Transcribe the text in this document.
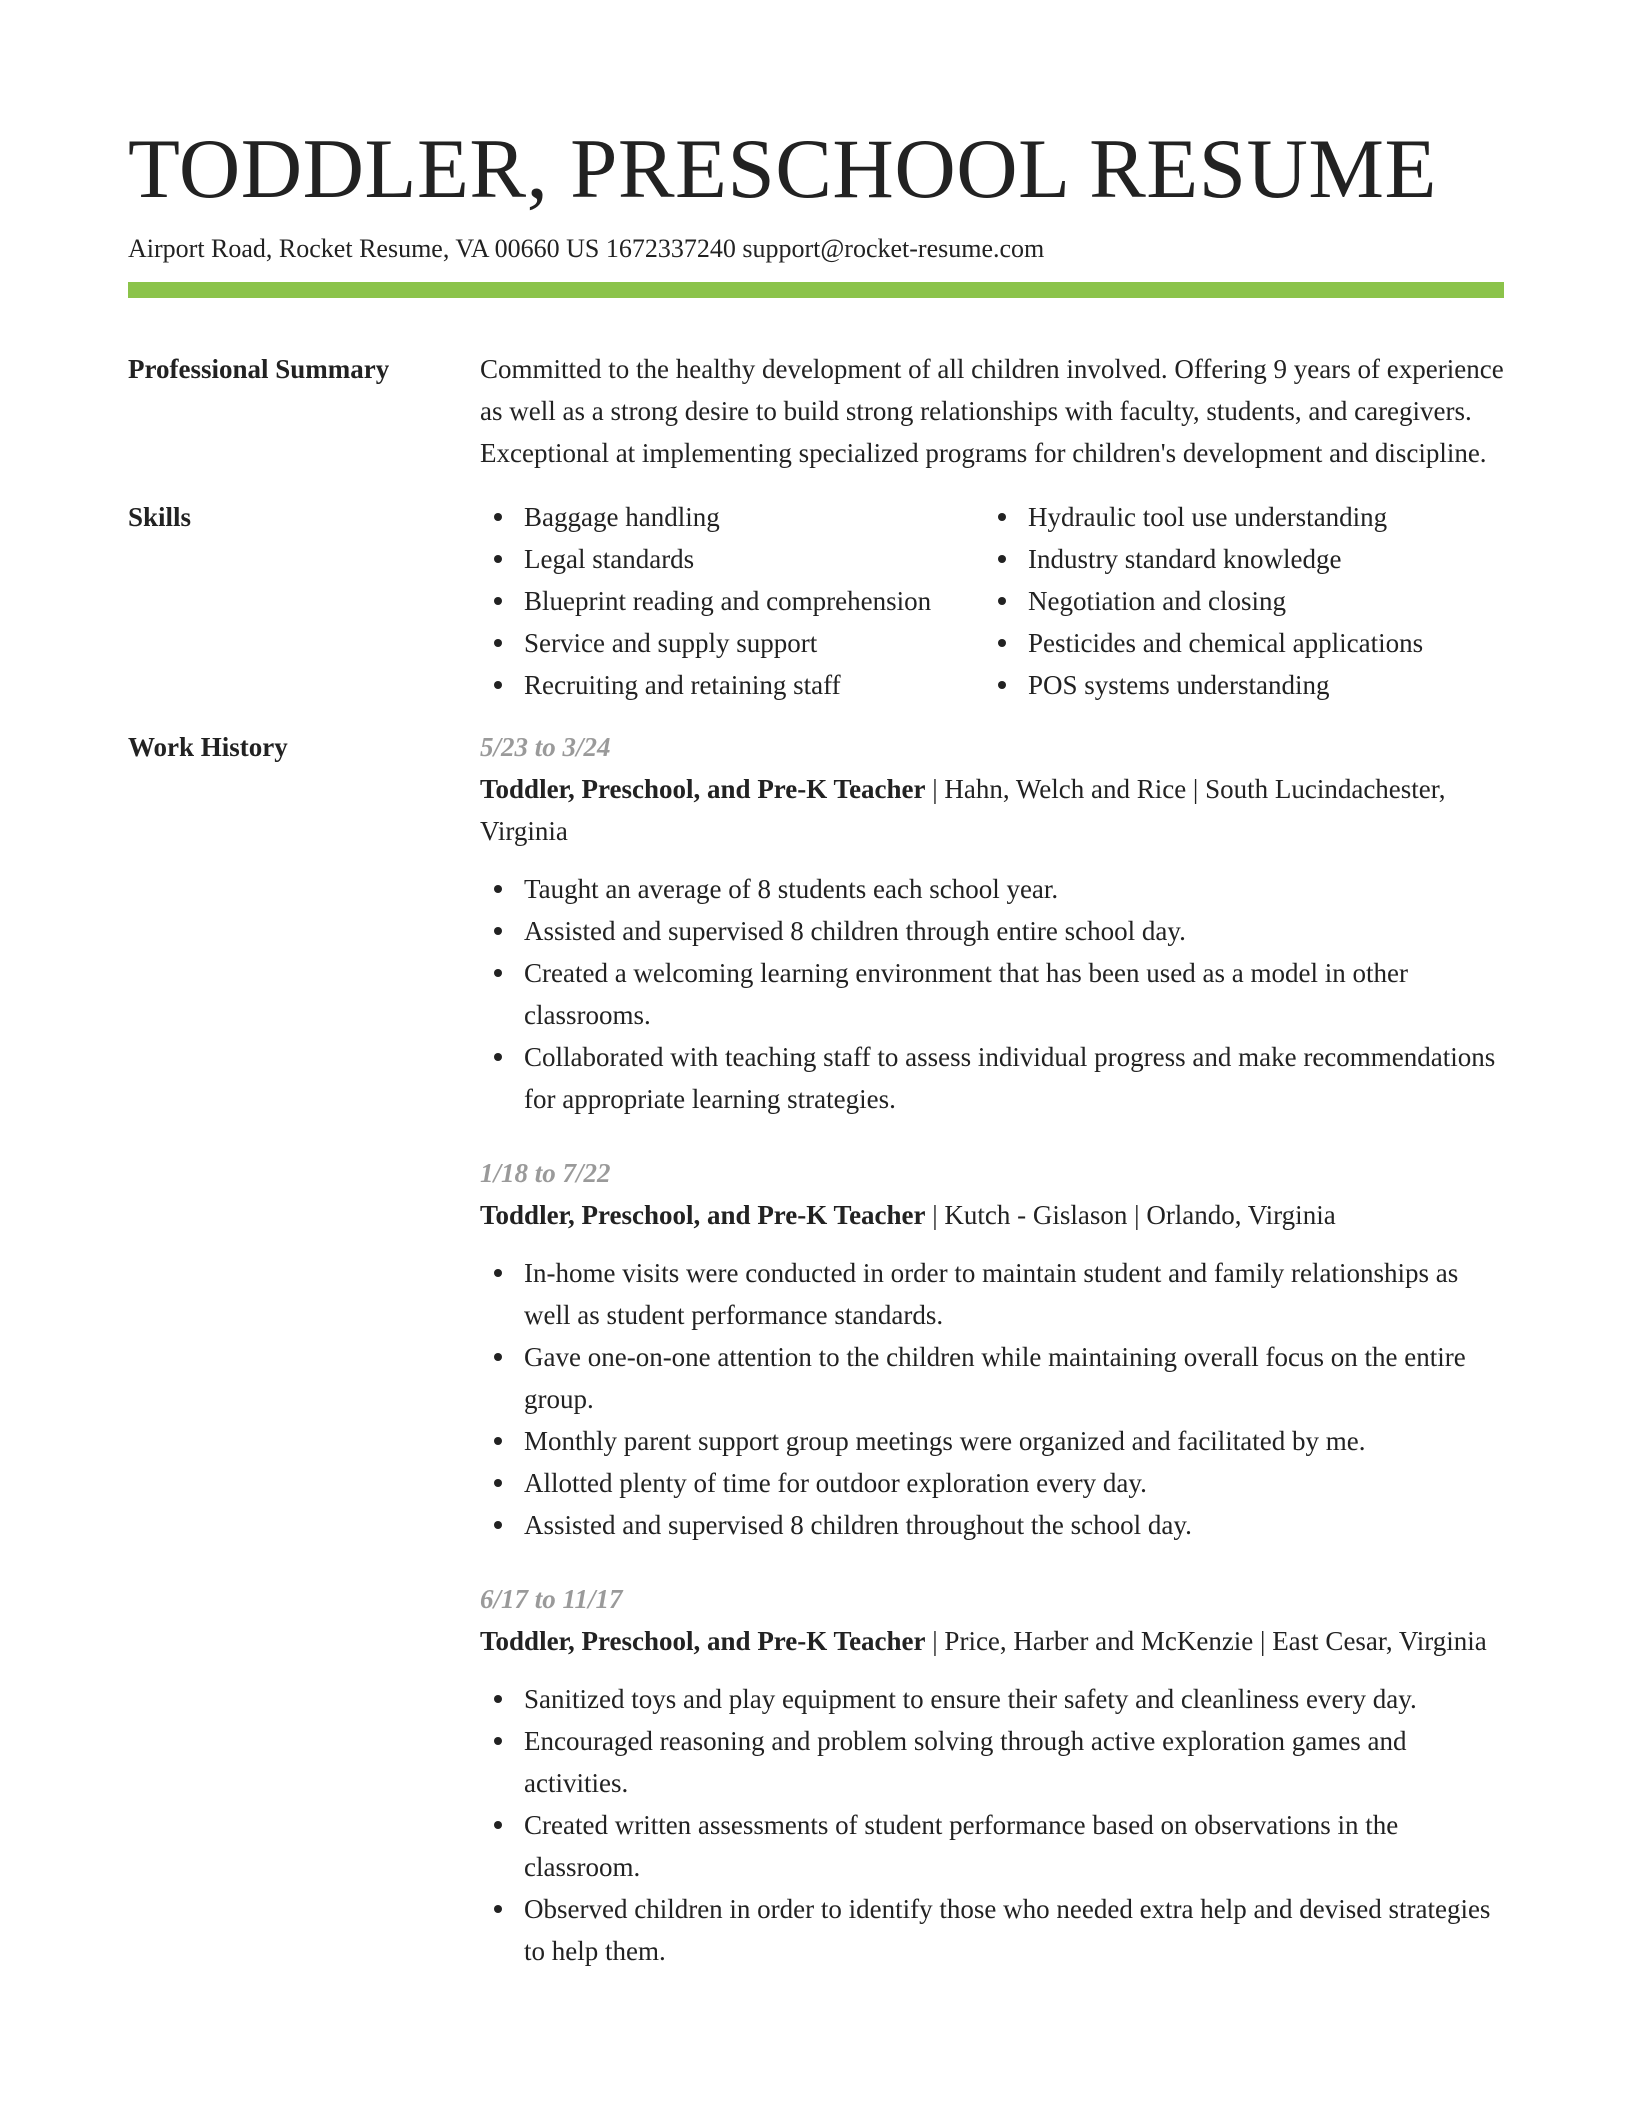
TODDLER, PRESCHOOL RESUME
Airport Road, Rocket Resume, VA 00660 US 1672337240 support@rocket-resume.com
Professional Summary	Committed to the healthy development of all children involved. Offering 9 years of experience as well as a strong desire to build strong relationships with faculty, students, and caregivers. Exceptional at implementing specialized programs for children's development and discipline.
Skills	Baggage handling
Legal standards
Blueprint reading and comprehension
Service and supply support
Recruiting and retaining staff
Hydraulic tool use understanding
Industry standard knowledge
Negotiation and closing
Pesticides and chemical applications
POS systems understanding
Work History	5/23 to 3/24
Toddler, Preschool, and Pre-K Teacher | Hahn, Welch and Rice | South Lucindachester, Virginia
Taught an average of 8 students each school year.
Assisted and supervised 8 children through entire school day.
Created a welcoming learning environment that has been used as a model in other classrooms.
Collaborated with teaching staff to assess individual progress and make recommendations for appropriate learning strategies.
1/18 to 7/22
Toddler, Preschool, and Pre-K Teacher | Kutch - Gislason | Orlando, Virginia
In-home visits were conducted in order to maintain student and family relationships as well as student performance standards.
Gave one-on-one attention to the children while maintaining overall focus on the entire group.
Monthly parent support group meetings were organized and facilitated by me.
Allotted plenty of time for outdoor exploration every day.
Assisted and supervised 8 children throughout the school day.
6/17 to 11/17
Toddler, Preschool, and Pre-K Teacher | Price, Harber and McKenzie | East Cesar, Virginia
Sanitized toys and play equipment to ensure their safety and cleanliness every day.
Encouraged reasoning and problem solving through active exploration games and activities.
Created written assessments of student performance based on observations in the classroom.
Observed children in order to identify those who needed extra help and devised strategies to help them.
